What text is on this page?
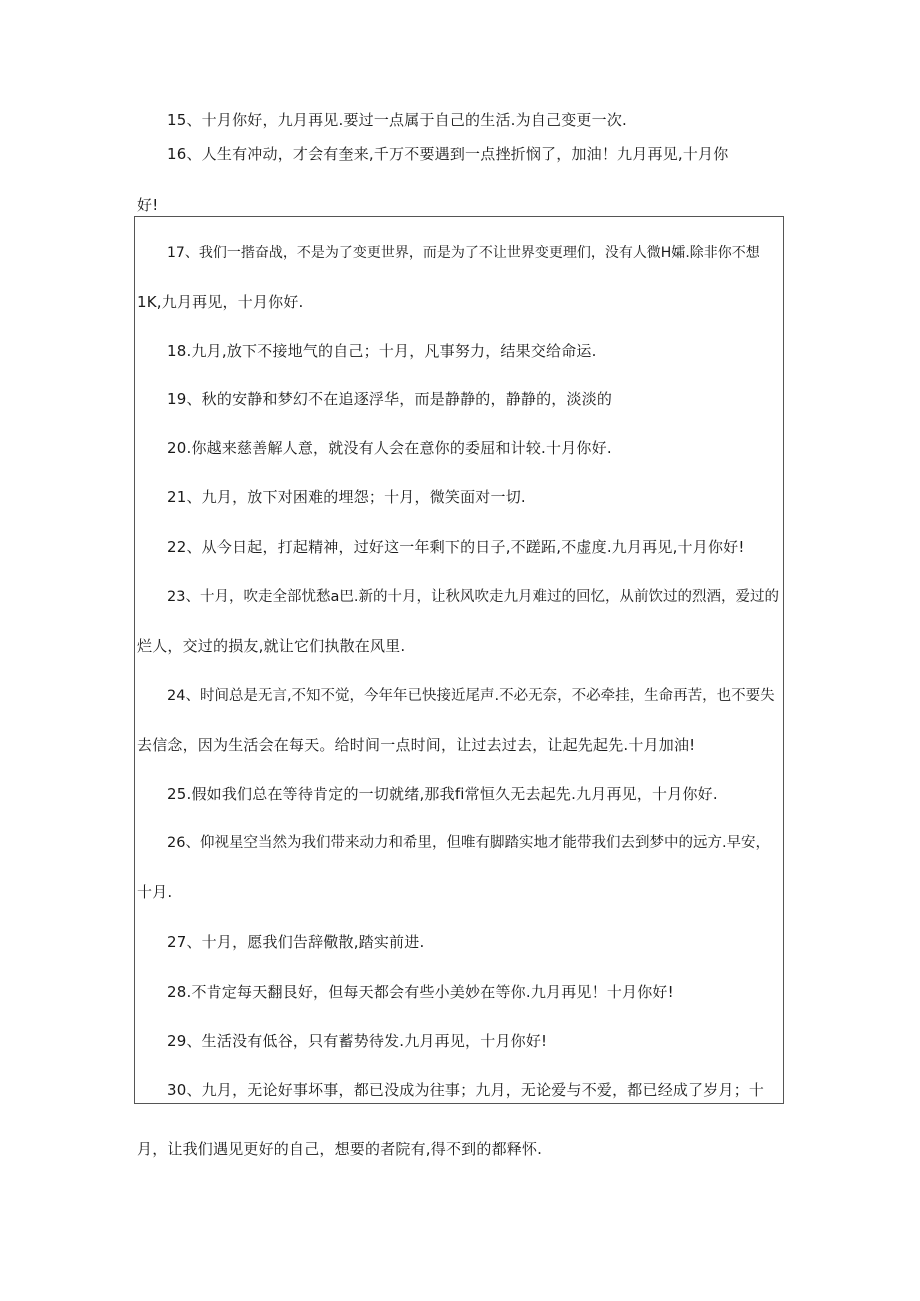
15、十月你好，九月再见.要过一点属于自己的生活.为自己变更一次.
16、人生有冲动，才会有奎来,千万不要遇到一点挫折悯了，加油！九月再见,十月你
好!
17、我们一揩奋战，不是为了变更世界，而是为了不让世界变更理们，没有人微H孀.除非你不想
1K,九月再见，十月你好.
18.九月,放下不接地气的自己；十月，凡事努力，结果交给命运.
19、秋的安静和梦幻不在追逐浮华，而是静静的，静静的，淡淡的
20.你越来慈善解人意，就没有人会在意你的委屈和计较.十月你好.
21、九月，放下对困难的埋怨；十月，微笑面对一切.
22、从今日起，打起精神，过好这一年剩下的日子,不蹉跖,不虚度.九月再见,十月你好!
23、十月，吹走全部忧愁a巴.新的十月，让秋风吹走九月难过的回忆，从前饮过的烈酒，爱过的
烂人，交过的损友,就让它们执散在风里.
24、时间总是无言,不知不觉，今年年已快接近尾声.不必无奈，不必牵挂，生命再苦，也不要失
去信念，因为生活会在每天。给时间一点时间，让过去过去，让起先起先.十月加油!
25.假如我们总在等待肯定的一切就绪,那我fi常恒久无去起先.九月再见，十月你好.
26、仰视星空当然为我们带来动力和希里，但唯有脚踏实地才能带我们去到梦中的远方.早安，
十月.
27、十月，愿我们告辞儆散,踏实前进.
28.不肯定每天翻艮好，但每天都会有些小美妙在等你.九月再见！十月你好!
29、生活没有低谷，只有蓄势待发.九月再见，十月你好!
30、九月，无论好事坏事，都已没成为往事；九月，无论爱与不爱，都已经成了岁月；十
月，让我们遇见更好的自己，想要的者院有,得不到的都释怀.
